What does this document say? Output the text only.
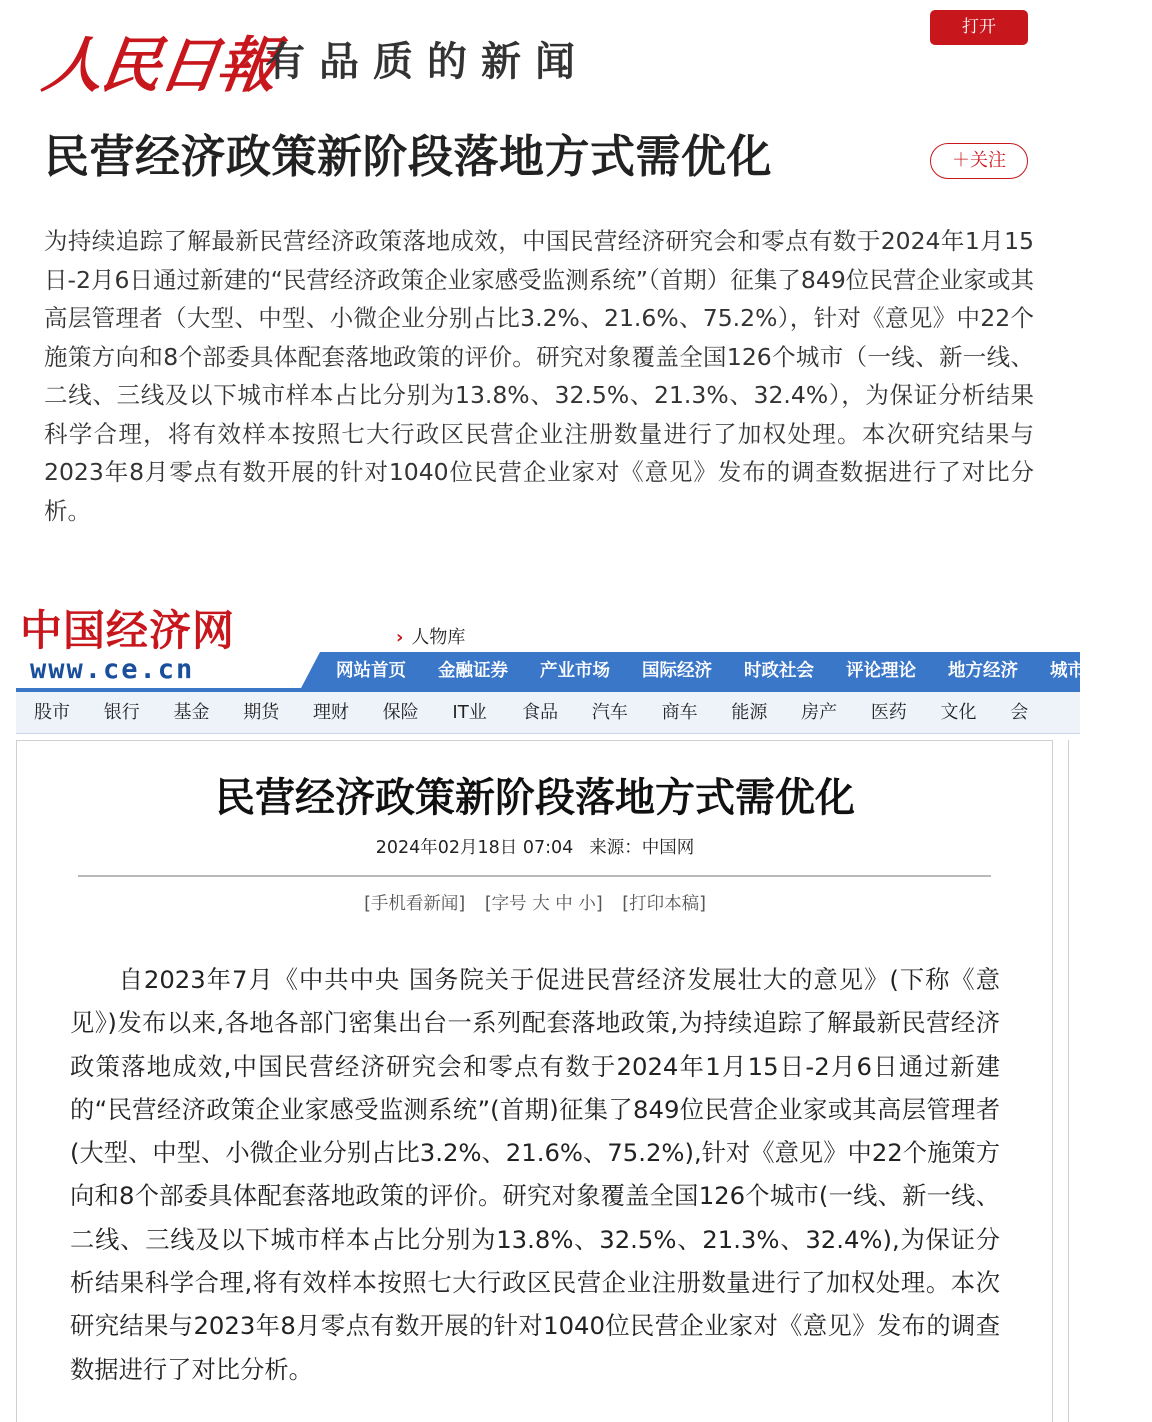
人民日報
有品质的新闻
打开
民营经济政策新阶段落地方式需优化	＋关注
为持续追踪了解最新民营经济政策落地成效，中国民营经济研究会和零点有数于2024年1月15日-2月6日通过新建的“民营经济政策企业家感受监测系统”（首期）征集了849位民营企业家或其高层管理者（大型、中型、小微企业分别占比3.2%、21.6%、75.2%），针对《意见》中22个施策方向和8个部委具体配套落地政策的评价。研究对象覆盖全国126个城市（一线、新一线、二线、三线及以下城市样本占比分别为13.8%、32.5%、21.3%、32.4%），为保证分析结果科学合理，将有效样本按照七大行政区民营企业注册数量进行了加权处理。本次研究结果与2023年8月零点有数开展的针对1040位民营企业家对《意见》发布的调查数据进行了对比分析。
中国经济网
www.ce.cn
› 人物库
网站首页	金融证券	产业市场	国际经济	时政社会	评论理论	地方经济	城市
股市	银行	基金	期货	理财	保险	IT业	食品	汽车	商车	能源	房产	医药	文化	会
民营经济政策新阶段落地方式需优化
2024年02月18日 07:04 来源：中国网
[手机看新闻] [字号 大 中 小] [打印本稿]
自2023年7月《中共中央 国务院关于促进民营经济发展壮大的意见》(下称《意见》)发布以来,各地各部门密集出台一系列配套落地政策,为持续追踪了解最新民营经济政策落地成效,中国民营经济研究会和零点有数于2024年1月15日-2月6日通过新建的“民营经济政策企业家感受监测系统”(首期)征集了849位民营企业家或其高层管理者(大型、中型、小微企业分别占比3.2%、21.6%、75.2%),针对《意见》中22个施策方向和8个部委具体配套落地政策的评价。研究对象覆盖全国126个城市(一线、新一线、二线、三线及以下城市样本占比分别为13.8%、32.5%、21.3%、32.4%),为保证分析结果科学合理,将有效样本按照七大行政区民营企业注册数量进行了加权处理。本次研究结果与2023年8月零点有数开展的针对1040位民营企业家对《意见》发布的调查数据进行了对比分析。
